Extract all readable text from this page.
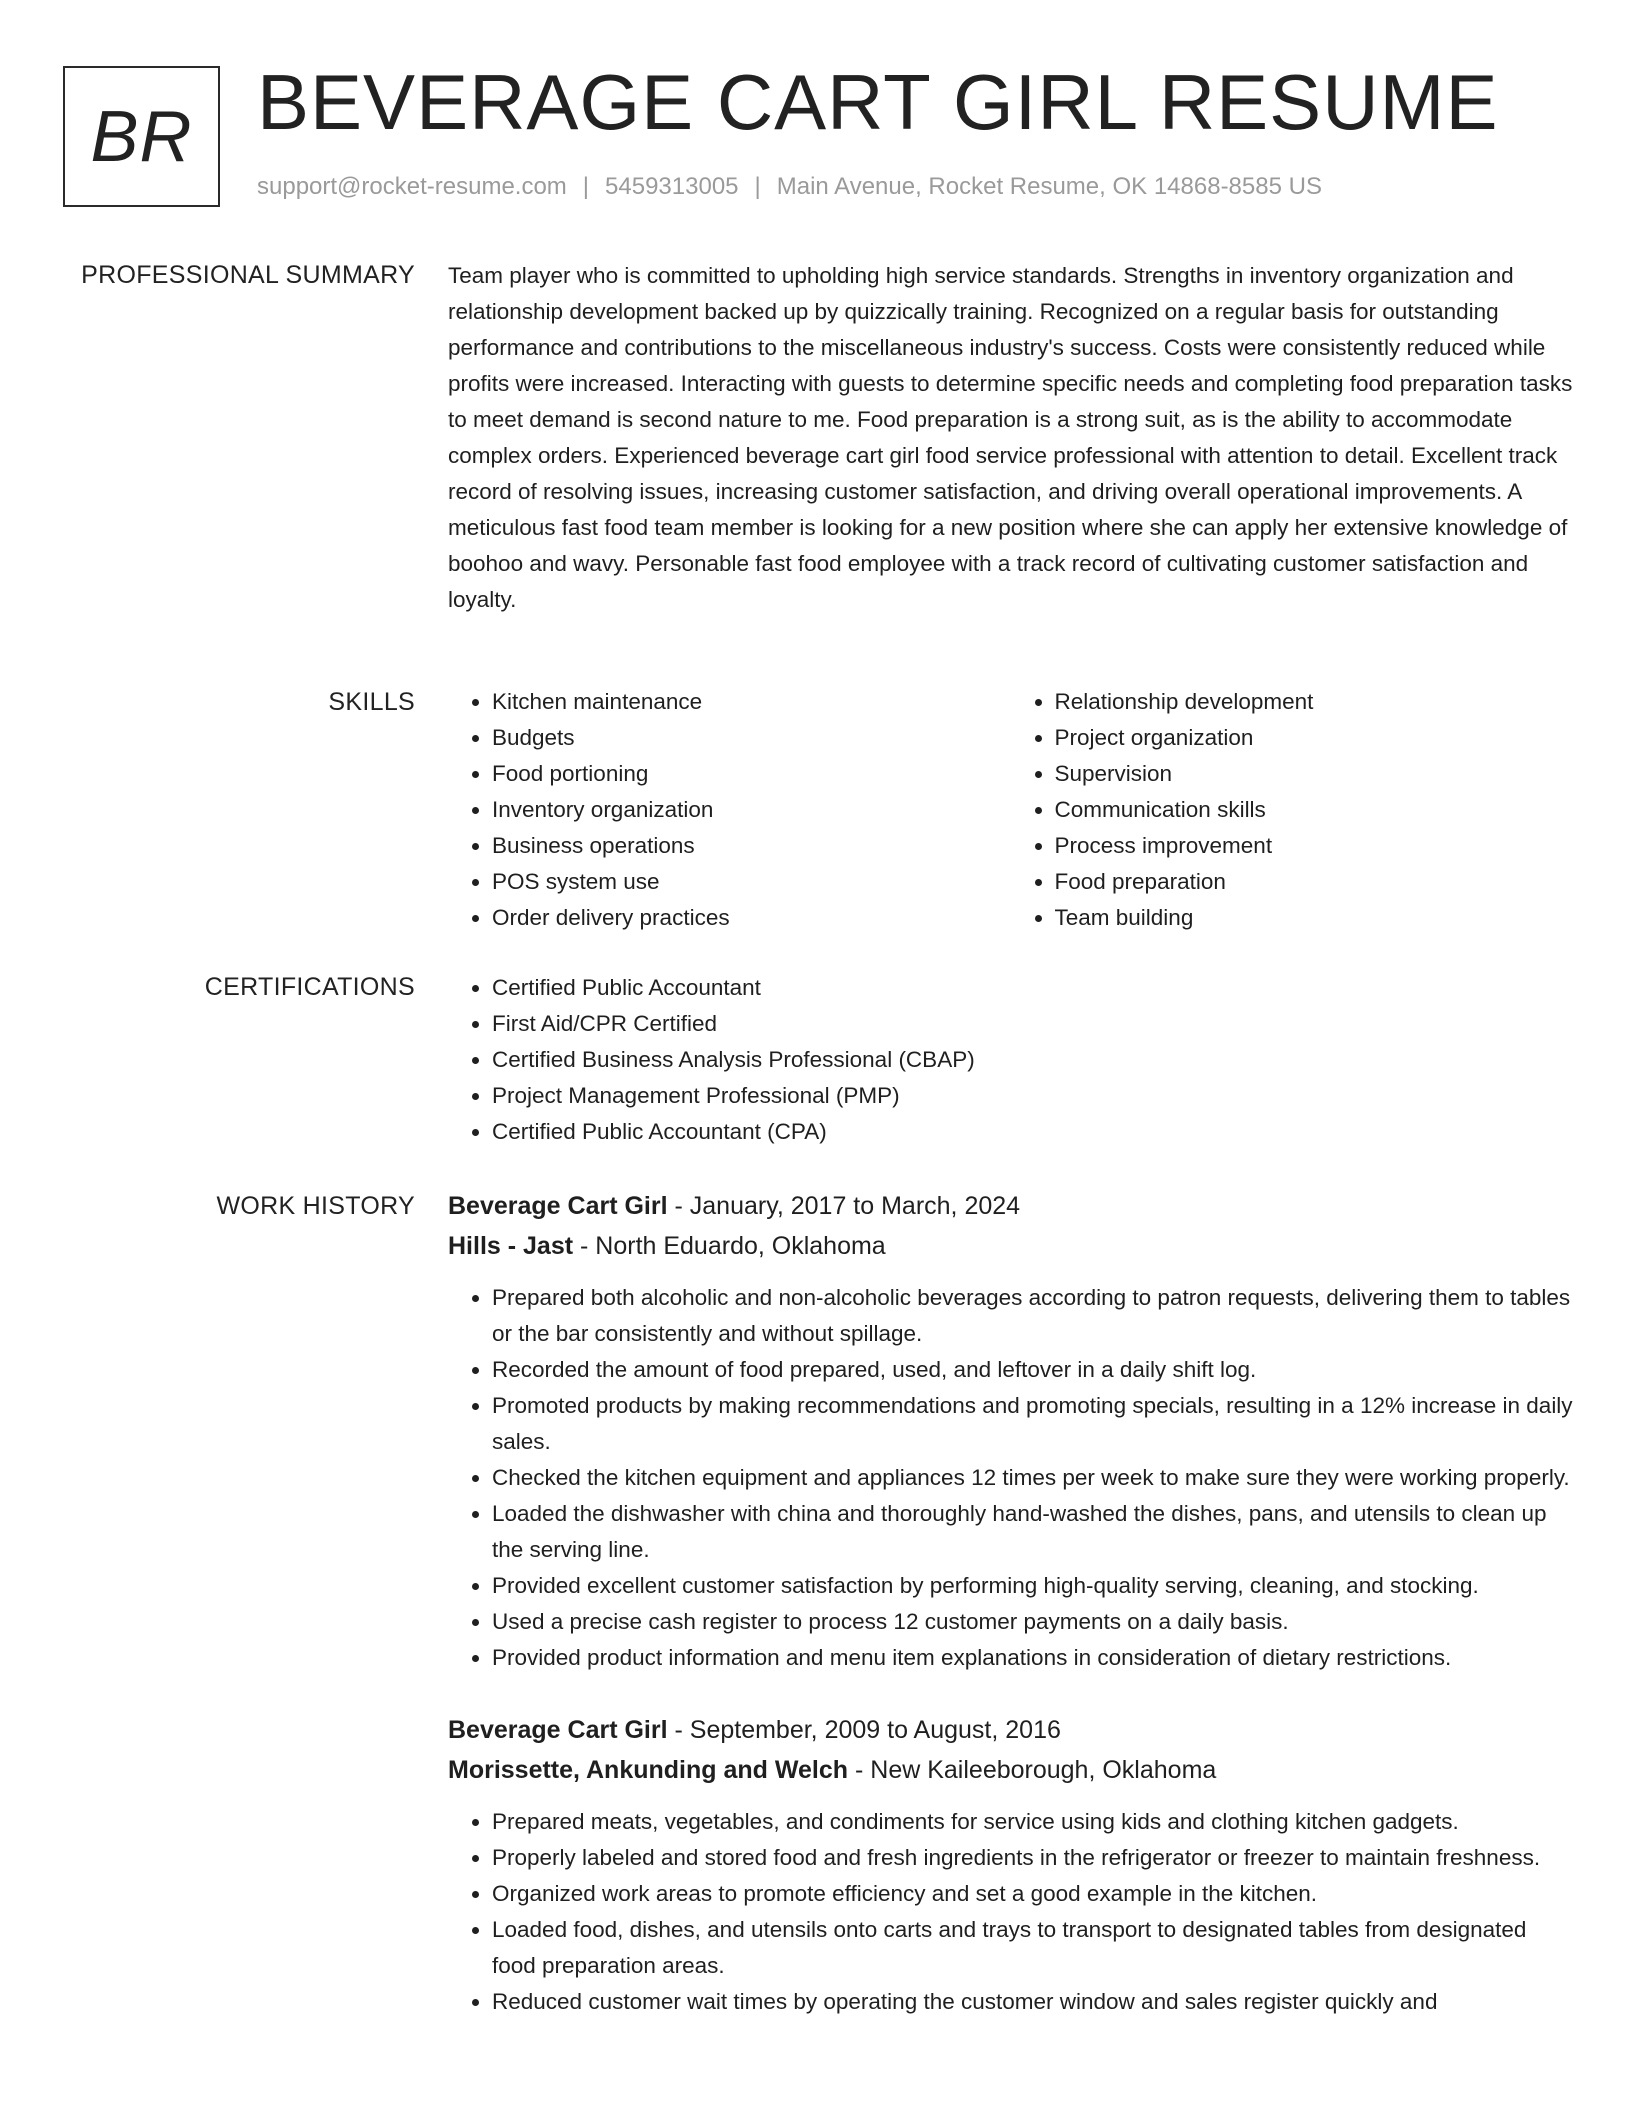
BR BEVERAGE CART GIRL RESUME
support@rocket-resume.com | 5459313005 | Main Avenue, Rocket Resume, OK 14868-8585 US
PROFESSIONAL SUMMARY Team player who is committed to upholding high service standards. Strengths in inventory organization and relationship development backed up by quizzically training. Recognized on a regular basis for outstanding performance and contributions to the miscellaneous industry's success. Costs were consistently reduced while profits were increased. Interacting with guests to determine specific needs and completing food preparation tasks to meet demand is second nature to me. Food preparation is a strong suit, as is the ability to accommodate complex orders. Experienced beverage cart girl food service professional with attention to detail. Excellent track record of resolving issues, increasing customer satisfaction, and driving overall operational improvements. A meticulous fast food team member is looking for a new position where she can apply her extensive knowledge of boohoo and wavy. Personable fast food employee with a track record of cultivating customer satisfaction and loyalty.

SKILLS	• Kitchen maintenance
• Budgets
• Food portioning
• Inventory organization
• Business operations
• POS system use
• Order delivery practices
• Relationship development
• Project organization
• Supervision
• Communication skills
• Process improvement
• Food preparation
• Team building
CERTIFICATIONS	• Certified Public Accountant
• First Aid/CPR Certified
• Certified Business Analysis Professional (CBAP)
• Project Management Professional (PMP)
• Certified Public Accountant (CPA)
WORK HISTORY Beverage Cart Girl - January, 2017 to March, 2024
Hills - Jast - North Eduardo, Oklahoma
• Prepared both alcoholic and non-alcoholic beverages according to patron requests, delivering them to tables or the bar consistently and without spillage.
• Recorded the amount of food prepared, used, and leftover in a daily shift log.
• Promoted products by making recommendations and promoting specials, resulting in a 12% increase in daily sales.
• Checked the kitchen equipment and appliances 12 times per week to make sure they were working properly.
• Loaded the dishwasher with china and thoroughly hand-washed the dishes, pans, and utensils to clean up the serving line.
• Provided excellent customer satisfaction by performing high-quality serving, cleaning, and stocking.
• Used a precise cash register to process 12 customer payments on a daily basis.
• Provided product information and menu item explanations in consideration of dietary restrictions.
Beverage Cart Girl - September, 2009 to August, 2016
Morissette, Ankunding and Welch - New Kaileeborough, Oklahoma
• Prepared meats, vegetables, and condiments for service using kids and clothing kitchen gadgets.
• Properly labeled and stored food and fresh ingredients in the refrigerator or freezer to maintain freshness.
• Organized work areas to promote efficiency and set a good example in the kitchen.
• Loaded food, dishes, and utensils onto carts and trays to transport to designated tables from designated food preparation areas.
• Reduced customer wait times by operating the customer window and sales register quickly and
